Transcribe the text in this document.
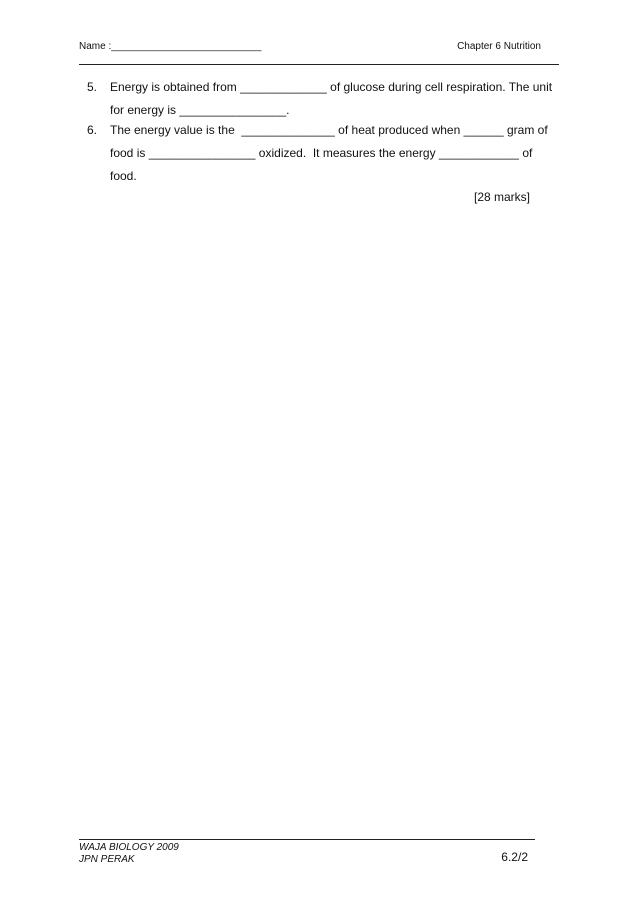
Name :___________________________	Chapter 6 Nutrition
5. Energy is obtained from _____________ of glucose during cell respiration. The unit
for energy is ________________.
6. The energy value is the  ______________ of heat produced when ______ gram of
food is ________________ oxidized.  It measures the energy ____________ of
food.
[28 marks]
WAJA BIOLOGY 2009
JPN PERAK	6.2/2
